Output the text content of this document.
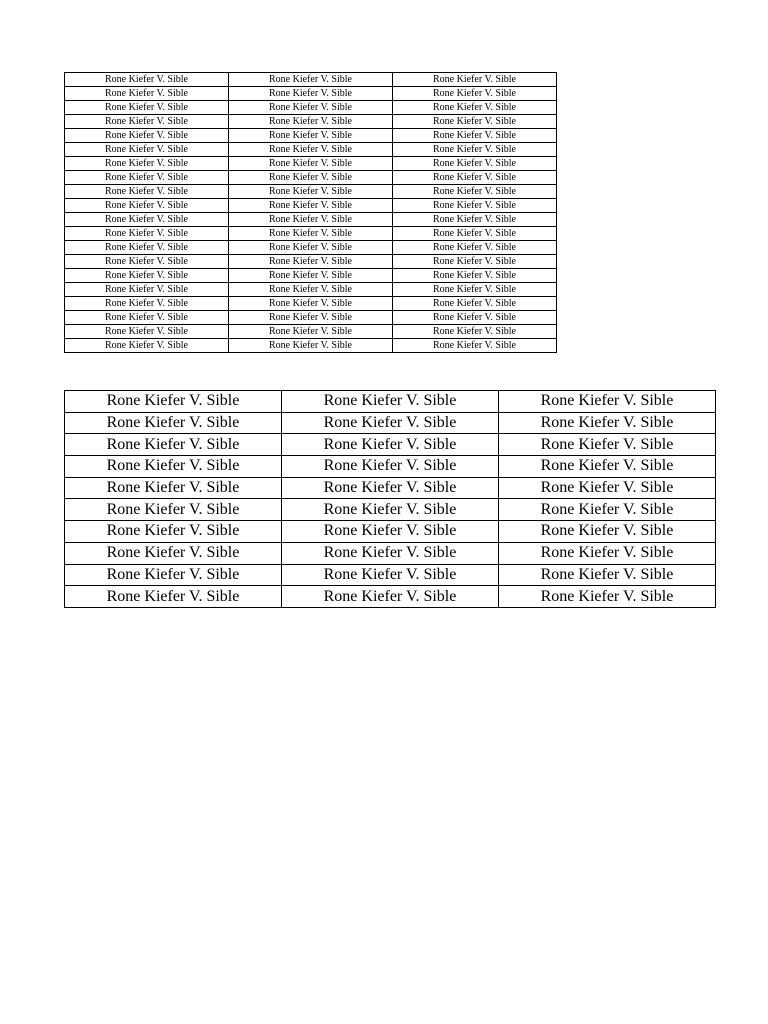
Rone Kiefer V. Sible	Rone Kiefer V. Sible	Rone Kiefer V. Sible
Rone Kiefer V. Sible	Rone Kiefer V. Sible	Rone Kiefer V. Sible
Rone Kiefer V. Sible	Rone Kiefer V. Sible	Rone Kiefer V. Sible
Rone Kiefer V. Sible	Rone Kiefer V. Sible	Rone Kiefer V. Sible
Rone Kiefer V. Sible	Rone Kiefer V. Sible	Rone Kiefer V. Sible
Rone Kiefer V. Sible	Rone Kiefer V. Sible	Rone Kiefer V. Sible
Rone Kiefer V. Sible	Rone Kiefer V. Sible	Rone Kiefer V. Sible
Rone Kiefer V. Sible	Rone Kiefer V. Sible	Rone Kiefer V. Sible
Rone Kiefer V. Sible	Rone Kiefer V. Sible	Rone Kiefer V. Sible
Rone Kiefer V. Sible	Rone Kiefer V. Sible	Rone Kiefer V. Sible
Rone Kiefer V. Sible	Rone Kiefer V. Sible	Rone Kiefer V. Sible
Rone Kiefer V. Sible	Rone Kiefer V. Sible	Rone Kiefer V. Sible
Rone Kiefer V. Sible	Rone Kiefer V. Sible	Rone Kiefer V. Sible
Rone Kiefer V. Sible	Rone Kiefer V. Sible	Rone Kiefer V. Sible
Rone Kiefer V. Sible	Rone Kiefer V. Sible	Rone Kiefer V. Sible
Rone Kiefer V. Sible	Rone Kiefer V. Sible	Rone Kiefer V. Sible
Rone Kiefer V. Sible	Rone Kiefer V. Sible	Rone Kiefer V. Sible
Rone Kiefer V. Sible	Rone Kiefer V. Sible	Rone Kiefer V. Sible
Rone Kiefer V. Sible	Rone Kiefer V. Sible	Rone Kiefer V. Sible
Rone Kiefer V. Sible	Rone Kiefer V. Sible	Rone Kiefer V. Sible
Rone Kiefer V. Sible	Rone Kiefer V. Sible	Rone Kiefer V. Sible
Rone Kiefer V. Sible	Rone Kiefer V. Sible	Rone Kiefer V. Sible
Rone Kiefer V. Sible	Rone Kiefer V. Sible	Rone Kiefer V. Sible
Rone Kiefer V. Sible	Rone Kiefer V. Sible	Rone Kiefer V. Sible
Rone Kiefer V. Sible	Rone Kiefer V. Sible	Rone Kiefer V. Sible
Rone Kiefer V. Sible	Rone Kiefer V. Sible	Rone Kiefer V. Sible
Rone Kiefer V. Sible	Rone Kiefer V. Sible	Rone Kiefer V. Sible
Rone Kiefer V. Sible	Rone Kiefer V. Sible	Rone Kiefer V. Sible
Rone Kiefer V. Sible	Rone Kiefer V. Sible	Rone Kiefer V. Sible
Rone Kiefer V. Sible	Rone Kiefer V. Sible	Rone Kiefer V. Sible
